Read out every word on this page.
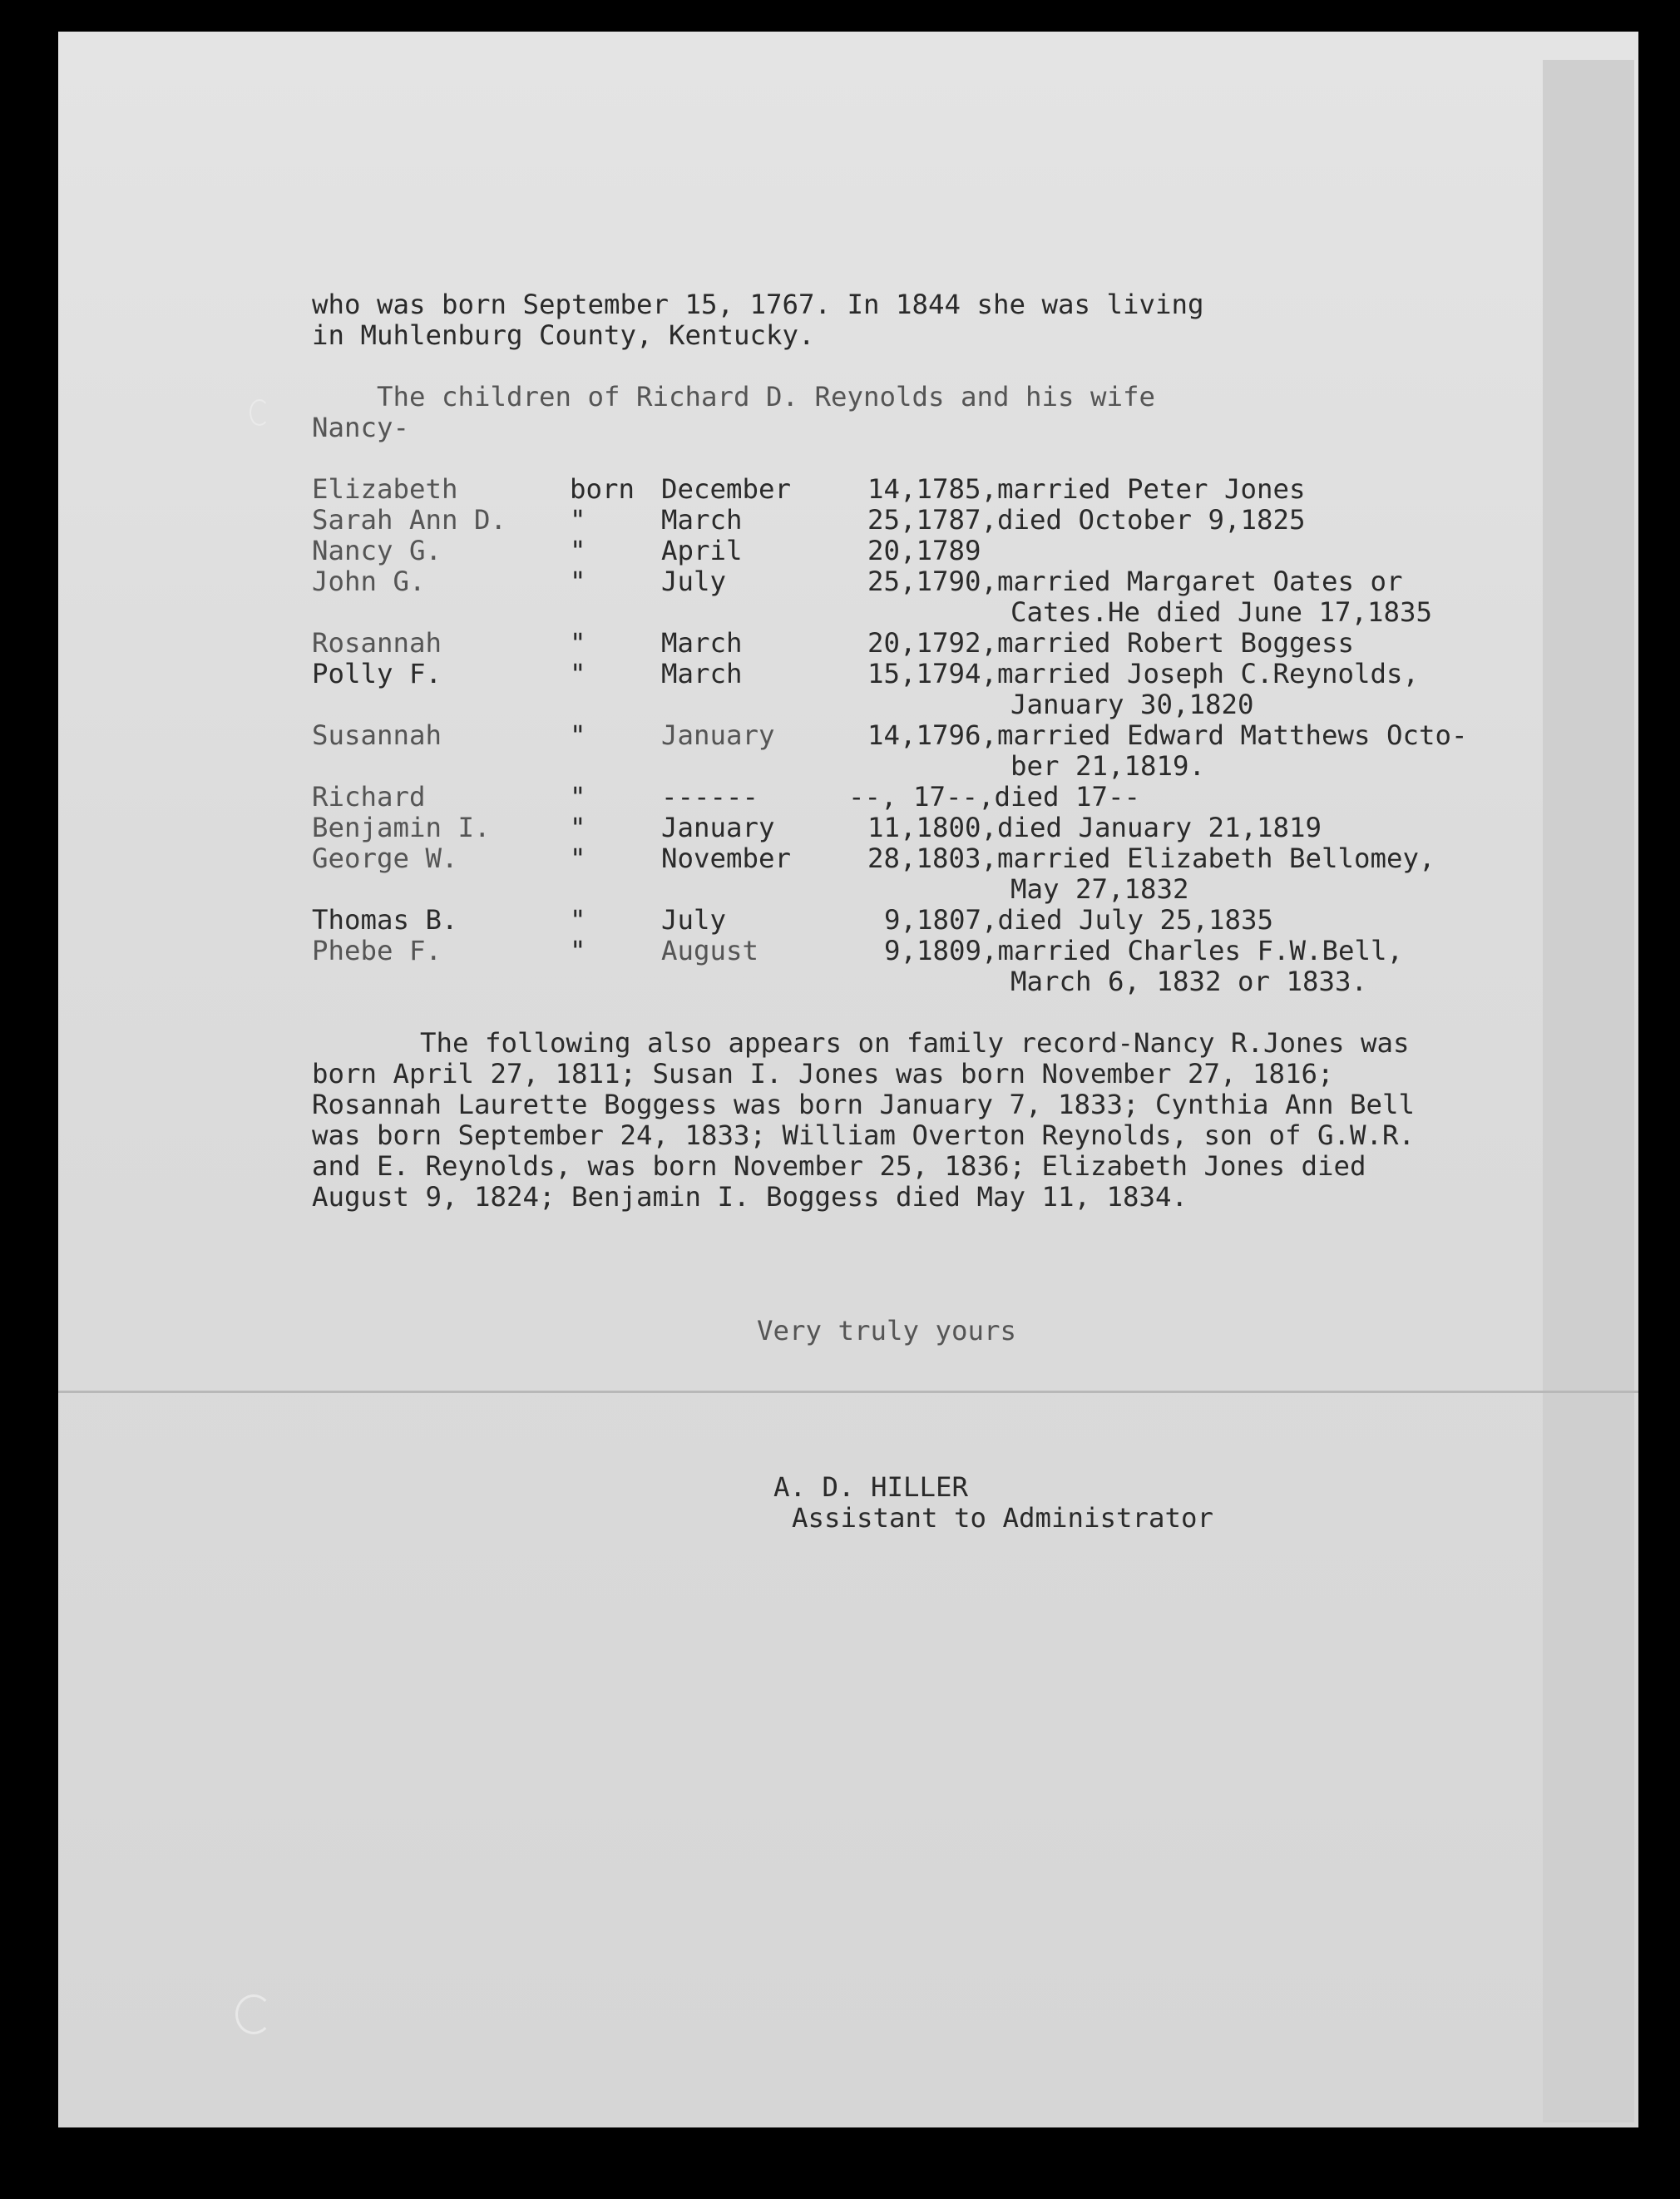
who was born September 15, 1767. In 1844 she was living

in Muhlenburg County, Kentucky.

The children of Richard D. Reynolds and his wife

Nancy-

Elizabeth	born December	14,1785,married Peter Jones
Sarah Ann D. "	March	25,1787,died October 9,1825
Nancy G.	"	April	20,1789
John G.	"	July	25,1790,married Margaret Oates or
Cates.He died June 17,1835
Rosannah	"	March	20,1792,married Robert Boggess
Polly F.	"	March	15,1794,married Joseph C.Reynolds,
January 30,1820
Susannah	"	January	14,1796,married Edward Matthews Octo-
ber 21,1819.
Richard	"	------	--, 17--,died 17--
Benjamin I.	"	January	11,1800,died January 21,1819
George W.	"	November	28,1803,married Elizabeth Bellomey,
May 27,1832
Thomas B.	"	July	9,1807,died July 25,1835
Phebe F.	"	August	9,1809,married Charles F.W.Bell,
March 6, 1832 or 1833.

The following also appears on family record-Nancy R.Jones was born April 27, 1811; Susan I. Jones was born November 27, 1816; Rosannah Laurette Boggess was born January 7, 1833; Cynthia Ann Bell was born September 24, 1833; William Overton Reynolds, son of G.W.R. and E. Reynolds, was born November 25, 1836; Elizabeth Jones died August 9, 1824; Benjamin I. Boggess died May 11, 1834.

Very truly yours

A. D. HILLER

Assistant to Administrator
